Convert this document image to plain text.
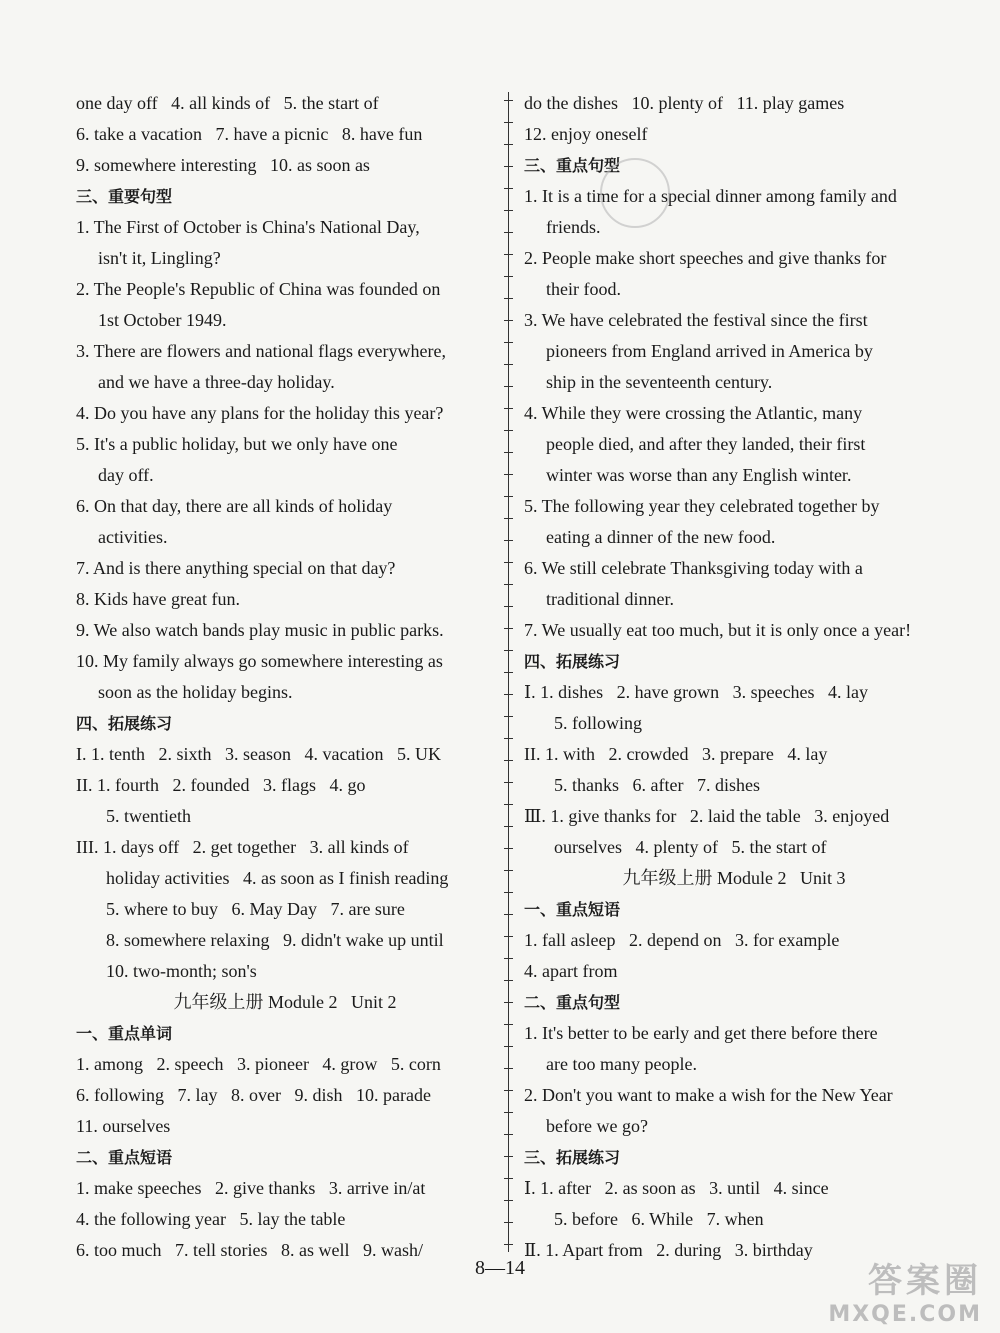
one day off   4. all kinds of   5. the start of
6. take a vacation   7. have a picnic   8. have fun
9. somewhere interesting   10. as soon as
三、重要句型
1. The First of October is China's National Day,
isn't it, Lingling?
2. The People's Republic of China was founded on
1st October 1949.
3. There are flowers and national flags everywhere,
and we have a three-day holiday.
4. Do you have any plans for the holiday this year?
5. It's a public holiday, but we only have one
day off.
6. On that day, there are all kinds of holiday
activities.
7. And is there anything special on that day?
8. Kids have great fun.
9. We also watch bands play music in public parks.
10. My family always go somewhere interesting as
soon as the holiday begins.
四、拓展练习
I. 1. tenth   2. sixth   3. season   4. vacation   5. UK
II. 1. fourth   2. founded   3. flags   4. go
5. twentieth
III. 1. days off   2. get together   3. all kinds of
holiday activities   4. as soon as I finish reading
5. where to buy   6. May Day   7. are sure
8. somewhere relaxing   9. didn't wake up until
10. two-month; son's
九年级上册 Module 2   Unit 2
一、重点单词
1. among   2. speech   3. pioneer   4. grow   5. corn
6. following   7. lay   8. over   9. dish   10. parade
11. ourselves
二、重点短语
1. make speeches   2. give thanks   3. arrive in/at
4. the following year   5. lay the table
6. too much   7. tell stories   8. as well   9. wash/
do the dishes   10. plenty of   11. play games
12. enjoy oneself
三、重点句型
1. It is a time for a special dinner among family and
friends.
2. People make short speeches and give thanks for
their food.
3. We have celebrated the festival since the first
pioneers from England arrived in America by
ship in the seventeenth century.
4. While they were crossing the Atlantic, many
people died, and after they landed, their first
winter was worse than any English winter.
5. The following year they celebrated together by
eating a dinner of the new food.
6. We still celebrate Thanksgiving today with a
traditional dinner.
7. We usually eat too much, but it is only once a year!
四、拓展练习
Ⅰ. 1. dishes   2. have grown   3. speeches   4. lay
5. following
II. 1. with   2. crowded   3. prepare   4. lay
5. thanks   6. after   7. dishes
Ⅲ. 1. give thanks for   2. laid the table   3. enjoyed
ourselves   4. plenty of   5. the start of
九年级上册 Module 2   Unit 3
一、重点短语
1. fall asleep   2. depend on   3. for example
4. apart from
二、重点句型
1. It's better to be early and get there before there
are too many people.
2. Don't you want to make a wish for the New Year
before we go?
三、拓展练习
Ⅰ. 1. after   2. as soon as   3. until   4. since
5. before   6. While   7. when
Ⅱ. 1. Apart from   2. during   3. birthday
8—14	答案圈
MXQE.COM
